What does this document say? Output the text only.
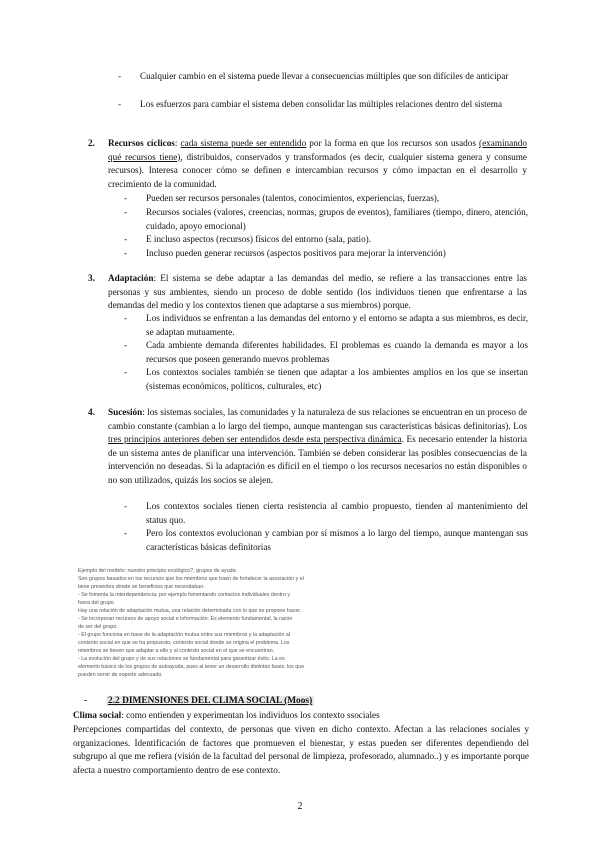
-	Cualquier cambio en el sistema puede llevar a consecuencias múltiples que son difíciles de anticipar
-	Los esfuerzos para cambiar el sistema deben consolidar las múltiples relaciones dentro del sistema
2. Recursos cíclicos: cada sistema puede ser entendido por la forma en que los recursos son usados (examinando qué recursos tiene), distribuidos, conservados y transformados (es decir, cualquier sistema genera y consume recursos). Interesa conocer cómo se definen e intercambian recursos y cómo impactan en el desarrollo y crecimiento de la comunidad.
-	Pueden ser recursos personales (talentos, conocimientos, experiencias, fuerzas),
-	Recursos sociales (valores, creencias, normas, grupos de eventos), familiares (tiempo, dinero, atención, cuidado, apoyo emocional)
-	E incluso aspectos (recursos) físicos del entorno (sala, patio).
-	Incluso pueden generar recursos (aspectos positivos para mejorar la intervención)
3. Adaptación: El sistema se debe adaptar a las demandas del medio, se refiere a las transacciones entre las personas y sus ambientes, siendo un proceso de doble sentido (los individuos tienen que enfrentarse a las demandas del medio y los contextos tienen que adaptarse a sus miembros) porque.
-	Los individuos se enfrentan a las demandas del entorno y el entorno se adapta a sus miembros, es decir, se adaptan mutuamente.
-	Cada ambiente demanda diferentes habilidades. El problemas es cuando la demanda es mayor a los recursos que poseen generando nuevos problemas
-	Los contextos sociales también se tienen que adaptar a los ambientes amplios en los que se insertan (sistemas económicos, políticos, culturales, etc)
4. Sucesión: los sistemas sociales, las comunidades y la naturaleza de sus relaciones se encuentran en un proceso de cambio constante (cambian a lo largo del tiempo, aunque mantengan sus características básicas definitorias). Los tres principios anteriores deben ser entendidos desde esta perspectiva dinámica. Es necesario entender la historia de un sistema antes de planificar una intervención. También se deben considerar las posibles consecuencias de la intervención no deseadas. Si la adaptación es difícil en el tiempo o los recursos necesarios no están disponibles o no son utilizados, quizás los socios se alejen.
-	Los contextos sociales tienen cierta resistencia al cambio propuesto, tienden al mantenimiento del status quo.
-	Pero los contextos evolucionan y cambian por sí mismos a lo largo del tiempo, aunque mantengan sus características básicas definitorias
Ejemplo del modelo: nuestro principio ecológico?, grupos de ayuda:
Son grupos basados en los recursos que los miembros que traen de fortalecer la asociación y el
tiene presentes donde se beneficios que necesitaban.
- Se fomenta la interdependencia, por ejemplo fomentando contactos individuales dentro y
fuera del grupo.
Hay una relación de adaptación mutua, una relación determinada con lo que se propone hacer.
- Se incorporan recursos de apoyo social e información. Es elemento fundamental, la razón
de ser del grupo.
- El grupo funciona en base de la adaptación mutua entre sus miembros y la adaptación al
contexto social en que se ha propuesto, contexto social donde se origina el problema. Los
miembros se tienen que adaptar a ello y al contexto social en el que se encuentran.
- La evolución del grupo y de sus relaciones se fundamental para garantizar éxito. La es
elemento básico de los grupos de autoayuda, pues al tener un desarrollo distintas fases, los que
pueden servir de soporte adecuado.
- 2.2 DIMENSIONES DEL CLIMA SOCIAL (Moos)
Clima social: como entienden y experimentan los individuos los contexto ssociales
Percepciones compartidas del contexto, de personas que viven en dicho contexto. Afectan a las relaciones sociales y organizaciones. Identificación de factores que promueven el bienestar, y estas pueden ser diferentes dependiendo del subgrupo al que me refiera (visión de la facultad del personal de limpieza, profesorado, alumnado..) y es importante porque afecta a nuestro comportamiento dentro de ese contexto.
2
